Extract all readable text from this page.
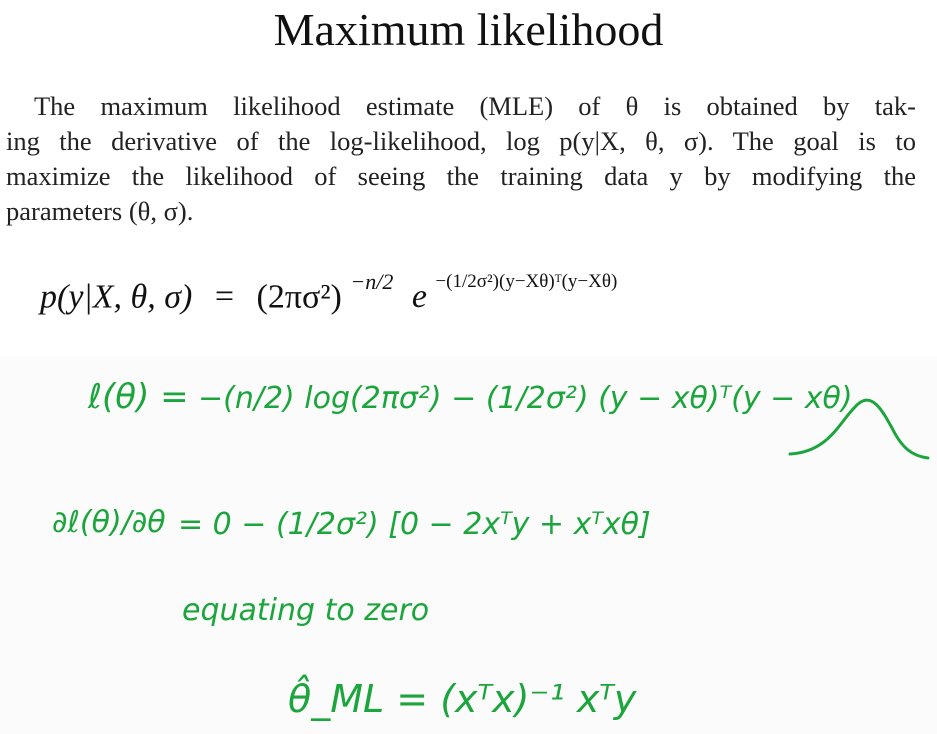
Maximum likelihood
The maximum likelihood estimate (MLE) of θ is obtained by tak-
ing the derivative of the log-likelihood, log p(y|X, θ, σ). The goal is to
maximize the likelihood of seeing the training data y by modifying the
parameters (θ, σ).
p(y|X, θ, σ) = (2πσ²) $^{-n/2}$ e $^{-(1/2\sigma^2)(y-X\theta)ᵀ(y-X\theta)}$
ℓ(θ) = −(n/2) log(2πσ²) − (1/2σ²) (y − xθ)ᵀ(y − xθ)
∂ℓ(θ)/∂θ = 0 − (1/2σ²) [0 − 2xᵀy + xᵀxθ]
equating to zero
θ̂_ML = (xᵀx)⁻¹ xᵀy
